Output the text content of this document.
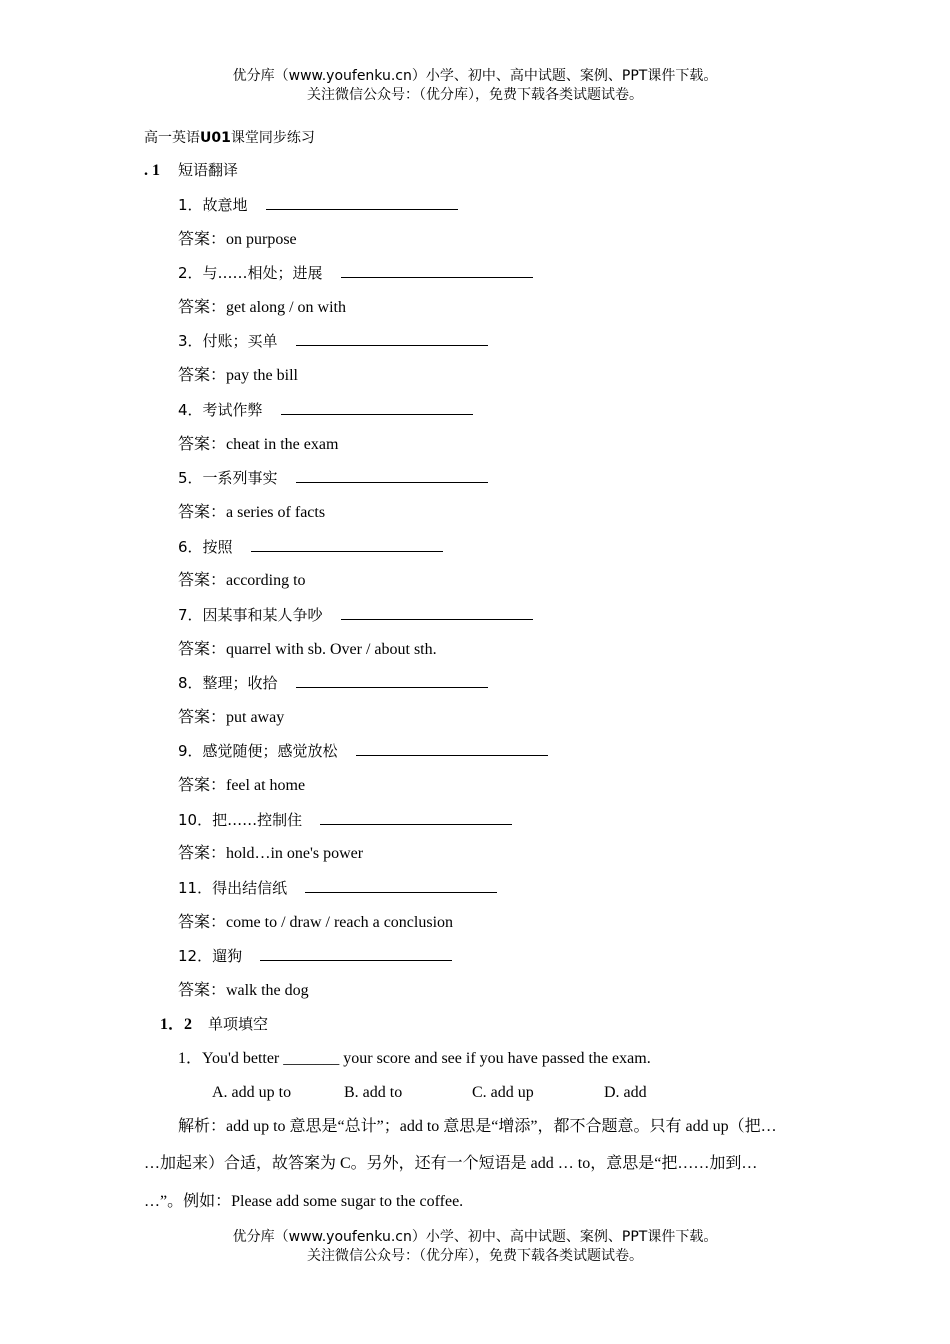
优分库（www.youfenku.cn）小学、初中、高中试题、案例、PPT课件下载。
关注微信公众号：（优分库），免费下载各类试题试卷。
高一英语U01课堂同步练习
. 1 短语翻译
1．故意地
答案：on purpose
2．与……相处；进展
答案：get along / on with
3．付账；买单
答案：pay the bill
4．考试作弊
答案：cheat in the exam
5．一系列事实
答案：a series of facts
6．按照
答案：according to
7．因某事和某人争吵
答案：quarrel with sb. Over / about sth.
8．整理；收拾
答案：put away
9．感觉随便；感觉放松
答案：feel at home
10．把……控制住
答案：hold…in one's power
11．得出结信纸
答案：come to / draw / reach a conclusion
12．遛狗
答案：walk the dog
1．2 单项填空
1．You'd better _______ your score and see if you have passed the exam.
A. add up to	B. add to	C. add up	D. add
解析：add up to 意思是“总计”；add to 意思是“增添”，都不合题意。只有 add up（把…
…加起来）合适，故答案为 C。另外，还有一个短语是 add … to，意思是“把……加到…
…”。例如：Please add some sugar to the coffee.
优分库（www.youfenku.cn）小学、初中、高中试题、案例、PPT课件下载。
关注微信公众号：（优分库），免费下载各类试题试卷。
